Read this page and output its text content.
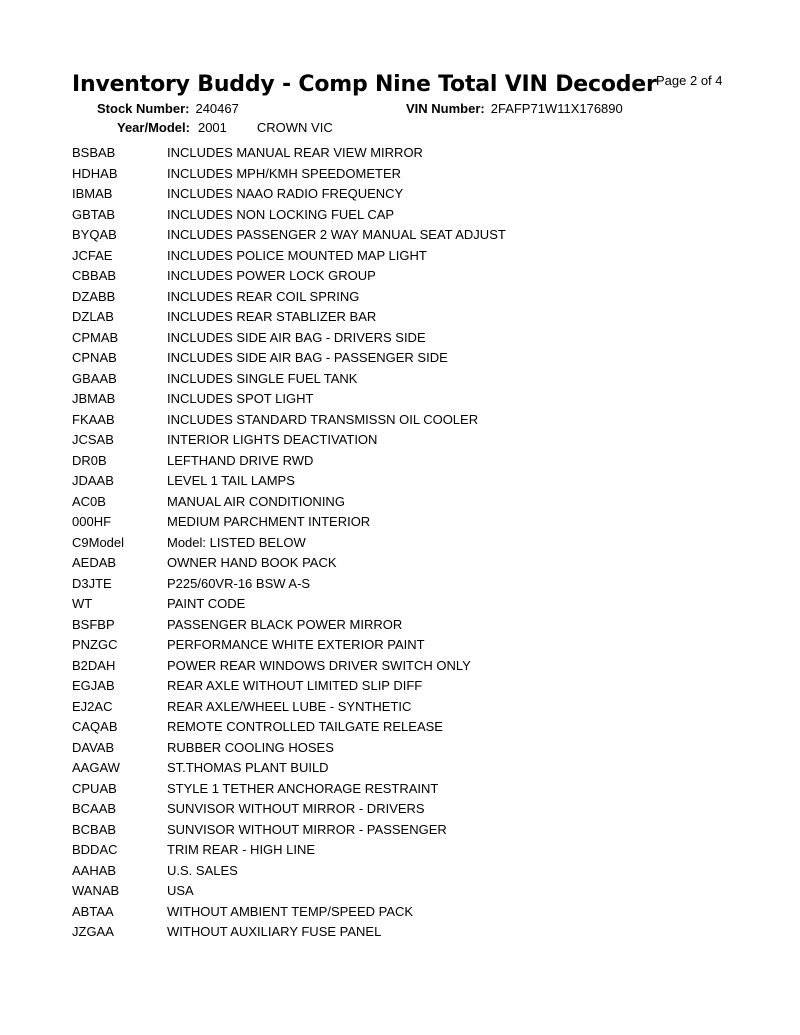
Inventory Buddy - Comp Nine Total VIN Decoder Page 2 of 4
Stock Number: 240467	VIN Number: 2FAFP71W11X176890
Year/Model: 2001 CROWN VIC
BSBAB	INCLUDES MANUAL REAR VIEW MIRROR
HDHAB	INCLUDES MPH/KMH SPEEDOMETER
IBMAB	INCLUDES NAAO RADIO FREQUENCY
GBTAB	INCLUDES NON LOCKING FUEL CAP
BYQAB	INCLUDES PASSENGER 2 WAY MANUAL SEAT ADJUST
JCFAE	INCLUDES POLICE MOUNTED MAP LIGHT
CBBAB	INCLUDES POWER LOCK GROUP
DZABB	INCLUDES REAR COIL SPRING
DZLAB	INCLUDES REAR STABLIZER BAR
CPMAB	INCLUDES SIDE AIR BAG - DRIVERS SIDE
CPNAB	INCLUDES SIDE AIR BAG - PASSENGER SIDE
GBAAB	INCLUDES SINGLE FUEL TANK
JBMAB	INCLUDES SPOT LIGHT
FKAAB	INCLUDES STANDARD TRANSMISSN OIL COOLER
JCSAB	INTERIOR LIGHTS DEACTIVATION
DR0B	LEFTHAND DRIVE RWD
JDAAB	LEVEL 1 TAIL LAMPS
AC0B	MANUAL AIR CONDITIONING
000HF	MEDIUM PARCHMENT INTERIOR
C9Model	Model: LISTED BELOW
AEDAB	OWNER HAND BOOK PACK
D3JTE	P225/60VR-16 BSW A-S
WT	PAINT CODE
BSFBP	PASSENGER BLACK POWER MIRROR
PNZGC	PERFORMANCE WHITE EXTERIOR PAINT
B2DAH	POWER REAR WINDOWS DRIVER SWITCH ONLY
EGJAB	REAR AXLE WITHOUT LIMITED SLIP DIFF
EJ2AC	REAR AXLE/WHEEL LUBE - SYNTHETIC
CAQAB	REMOTE CONTROLLED TAILGATE RELEASE
DAVAB	RUBBER COOLING HOSES
AAGAW	ST.THOMAS PLANT BUILD
CPUAB	STYLE 1 TETHER ANCHORAGE RESTRAINT
BCAAB	SUNVISOR WITHOUT MIRROR - DRIVERS
BCBAB	SUNVISOR WITHOUT MIRROR - PASSENGER
BDDAC	TRIM REAR - HIGH LINE
AAHAB	U.S. SALES
WANAB	USA
ABTAA	WITHOUT AMBIENT TEMP/SPEED PACK
JZGAA	WITHOUT AUXILIARY FUSE PANEL
